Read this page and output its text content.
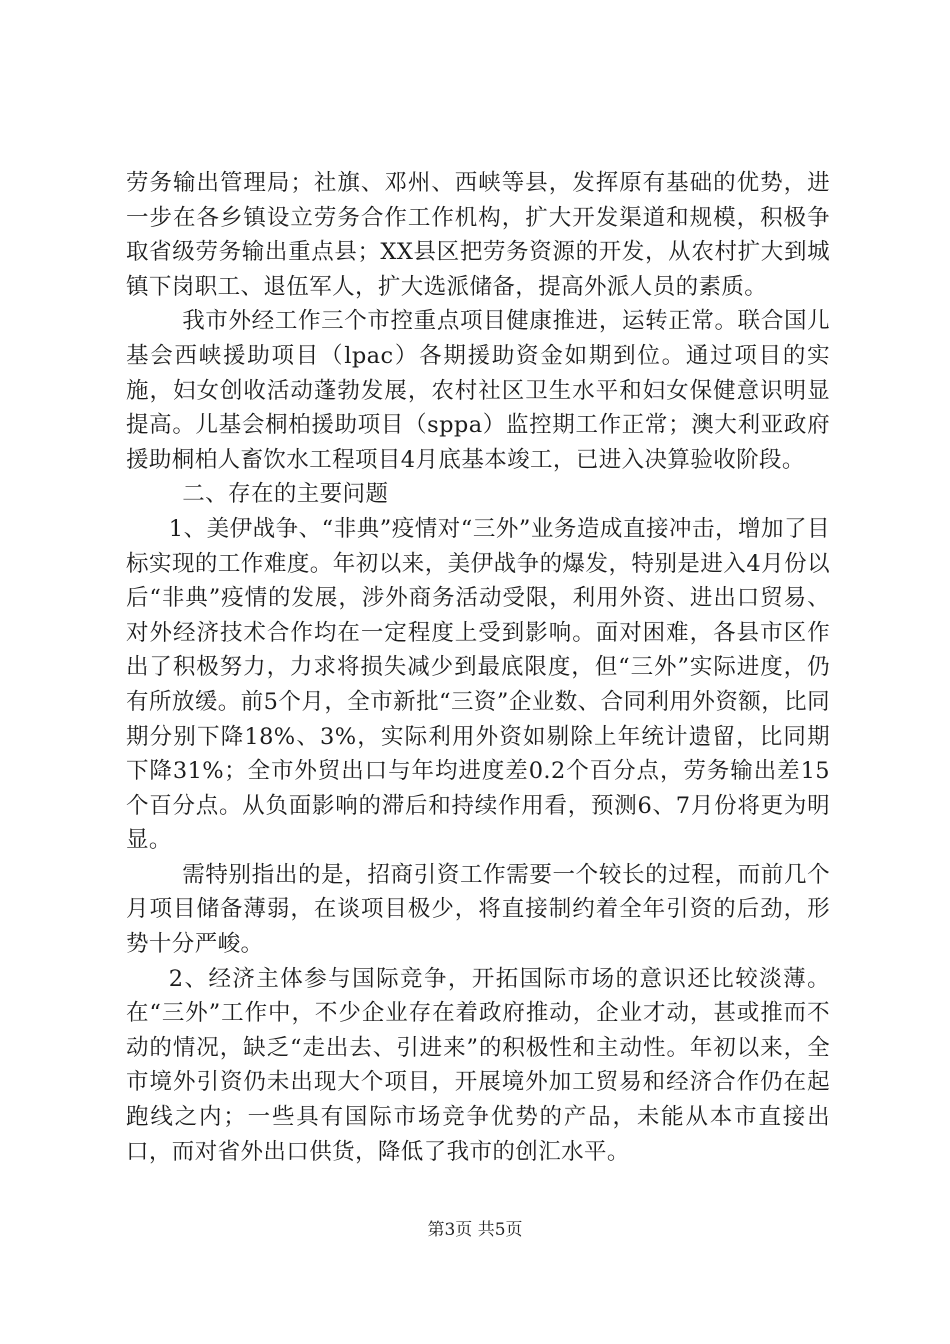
劳务输出管理局；社旗、邓州、西峡等县，发挥原有基础的优势，进一步在各乡镇设立劳务合作工作机构，扩大开发渠道和规模，积极争取省级劳务输出重点县；XX县区把劳务资源的开发，从农村扩大到城镇下岗职工、退伍军人，扩大选派储备，提高外派人员的素质。

我市外经工作三个市控重点项目健康推进，运转正常。联合国儿基会西峡援助项目（lpac）各期援助资金如期到位。通过项目的实施，妇女创收活动蓬勃发展，农村社区卫生水平和妇女保健意识明显提高。儿基会桐柏援助项目（sppa）监控期工作正常；澳大利亚政府援助桐柏人畜饮水工程项目4月底基本竣工，已进入决算验收阶段。

二、存在的主要问题

1、美伊战争、“非典”疫情对“三外”业务造成直接冲击，增加了目标实现的工作难度。年初以来，美伊战争的爆发，特别是进入4月份以后“非典”疫情的发展，涉外商务活动受限，利用外资、进出口贸易、对外经济技术合作均在一定程度上受到影响。面对困难，各县市区作出了积极努力，力求将损失减少到最底限度，但“三外”实际进度，仍有所放缓。前5个月，全市新批“三资”企业数、合同利用外资额，比同期分别下降18%、3%，实际利用外资如剔除上年统计遗留，比同期下降31%；全市外贸出口与年均进度差0.2个百分点，劳务输出差15个百分点。从负面影响的滞后和持续作用看，预测6、7月份将更为明显。

需特别指出的是，招商引资工作需要一个较长的过程，而前几个月项目储备薄弱，在谈项目极少，将直接制约着全年引资的后劲，形势十分严峻。

2、经济主体参与国际竞争，开拓国际市场的意识还比较淡薄。在“三外”工作中，不少企业存在着政府推动，企业才动，甚或推而不动的情况，缺乏“走出去、引进来”的积极性和主动性。年初以来，全市境外引资仍未出现大个项目，开展境外加工贸易和经济合作仍在起跑线之内；一些具有国际市场竞争优势的产品，未能从本市直接出口，而对省外出口供货，降低了我市的创汇水平。

第3页 共5页
